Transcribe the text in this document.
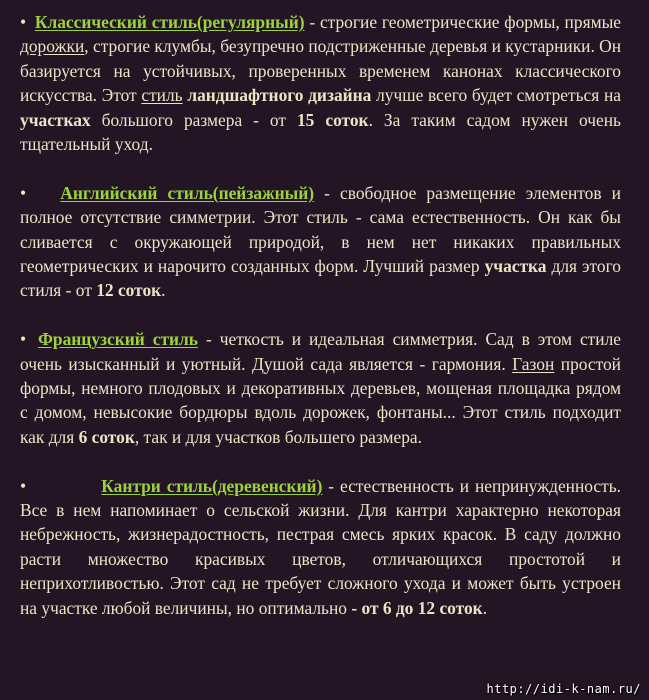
• Классический стиль(регулярный) - строгие геометрические формы, прямые дорожки, строгие клумбы, безупречно подстриженные деревья и кустарники. Он базируется на устойчивых, проверенных временем канонах классического искусства. Этот стиль ландшафтного дизайна лучше всего будет смотреться на участках большого размера - от 15 соток. За таким садом нужен очень тщательный уход.

• Английский стиль(пейзажный) - свободное размещение элементов и полное отсутствие симметрии. Этот стиль - сама естественность. Он как бы сливается с окружающей природой, в нем нет никаких правильных геометрических и нарочито созданных форм. Лучший размер участка для этого стиля - от 12 соток.

• Французский стиль - четкость и идеальная симметрия. Сад в этом стиле очень изысканный и уютный. Душой сада является - гармония. Газон простой формы, немного плодовых и декоративных деревьев, мощеная площадка рядом с домом, невысокие бордюры вдоль дорожек, фонтаны... Этот стиль подходит как для 6 соток, так и для участков большего размера.

•	Кантри стиль(деревенский) - естественность и непринужденность. Все в нем напоминает о сельской жизни. Для кантри характерно некоторая небрежность, жизнерадостность, пестрая смесь ярких красок. В саду должно расти множество красивых цветов, отличающихся простотой и неприхотливостью. Этот сад не требует сложного ухода и может быть устроен на участке любой величины, но оптимально - от 6 до 12 соток.

http://idi-k-nam.ru/
